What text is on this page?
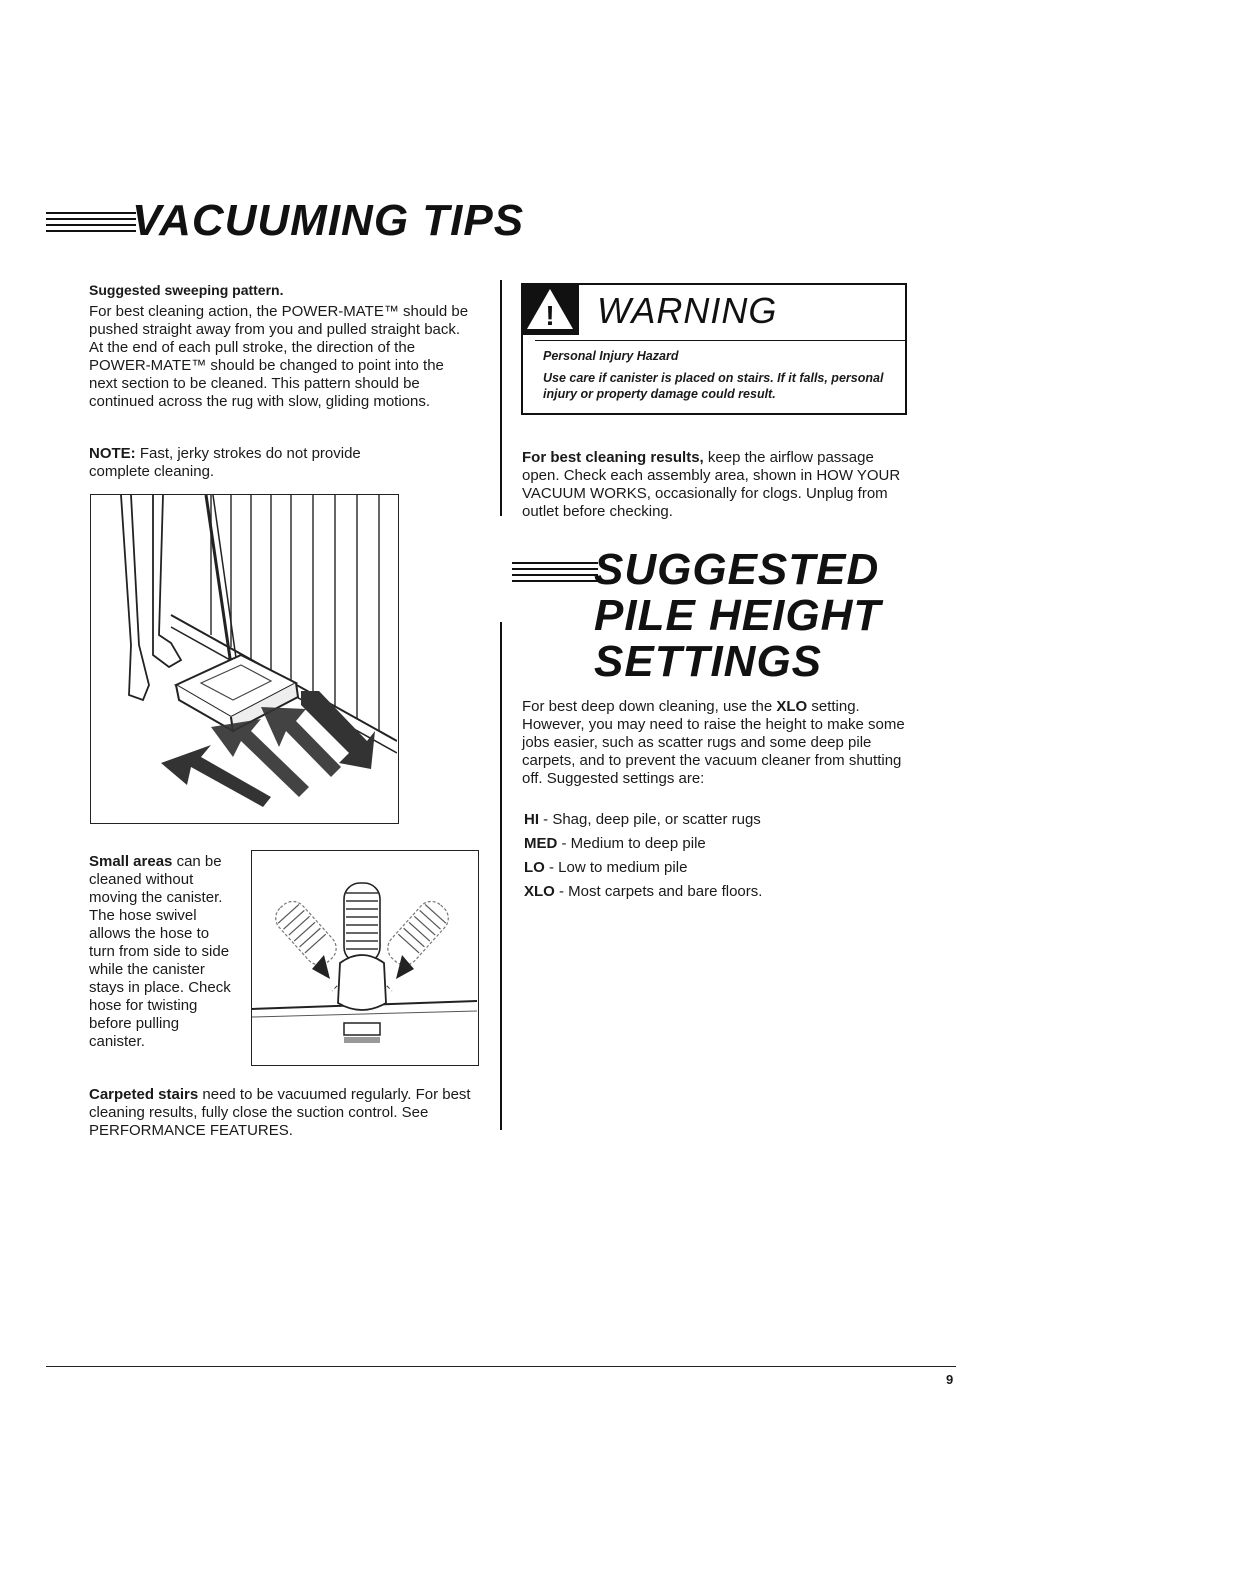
VACUUMING TIPS

Suggested sweeping pattern.

For best cleaning action, the POWER-MATE™ should be pushed straight away from you and pulled straight back. At the end of each pull stroke, the direction of the POWER-MATE™ should be changed to point into the next section to be cleaned. This pattern should be continued across the rug with slow, gliding motions.

NOTE: Fast, jerky strokes do not provide complete cleaning.

Small areas can be cleaned without moving the canister. The hose swivel allows the hose to turn from side to side while the canister stays in place. Check hose for twisting before pulling canister.

Carpeted stairs need to be vacuumed regularly. For best cleaning results, fully close the suction control. See PERFORMANCE FEATURES.

! WARNING

Personal Injury Hazard

Use care if canister is placed on stairs. If it falls, personal injury or property damage could result.

For best cleaning results, keep the airflow passage open. Check each assembly area, shown in HOW YOUR VACUUM WORKS, occasionally for clogs. Unplug from outlet before checking.

SUGGESTED
PILE HEIGHT
SETTINGS

For best deep down cleaning, use the XLO setting. However, you may need to raise the height to make some jobs easier, such as scatter rugs and some deep pile carpets, and to prevent the vacuum cleaner from shutting off. Suggested settings are:

HI - Shag, deep pile, or scatter rugs

MED - Medium to deep pile

LO - Low to medium pile

XLO - Most carpets and bare floors.

9
